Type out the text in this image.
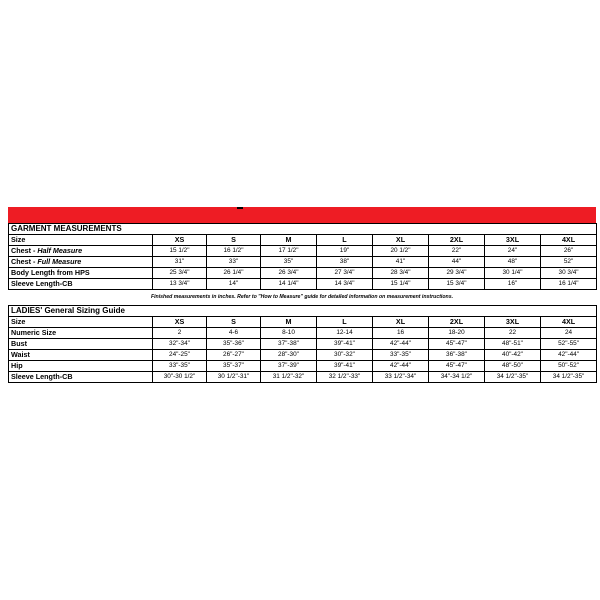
GARMENT MEASUREMENTS								
Size	XS	S	M	L	XL	2XL	3XL	4XL
Chest - Half Measure	15 1/2"	16 1/2"	17 1/2"	19"	20 1/2"	22"	24"	26"
Chest - Full Measure	31"	33"	35"	38"	41"	44"	48"	52"
Body Length from HPS	25 3/4"	26 1/4"	26 3/4"	27 3/4"	28 3/4"	29 3/4"	30 1/4"	30 3/4"
Sleeve Length-CB	13 3/4"	14"	14 1/4"	14 3/4"	15 1/4"	15 3/4"	16"	16 1/4"
Finished measurements in inches. Refer to "How to Measure" guide for detailed information on measurement instructions.
LADIES' General Sizing Guide								
Size	XS	S	M	L	XL	2XL	3XL	4XL
Numeric Size	2	4-6	8-10	12-14	16	18-20	22	24
Bust	32"-34"	35"-36"	37"-38"	39"-41"	42"-44"	45"-47"	48"-51"	52"-55"
Waist	24"-25"	26"-27"	28"-30"	30"-32"	33"-35"	36"-38"	40"-42"	42"-44"
Hip	33"-35"	35"-37"	37"-39"	39"-41"	42"-44"	45"-47"	48"-50"	50"-52"
Sleeve Length-CB	30"-30 1/2"	30 1/2"-31"	31 1/2"-32"	32 1/2"-33"	33 1/2"-34"	34"-34 1/2"	34 1/2"-35"	34 1/2"-35"
